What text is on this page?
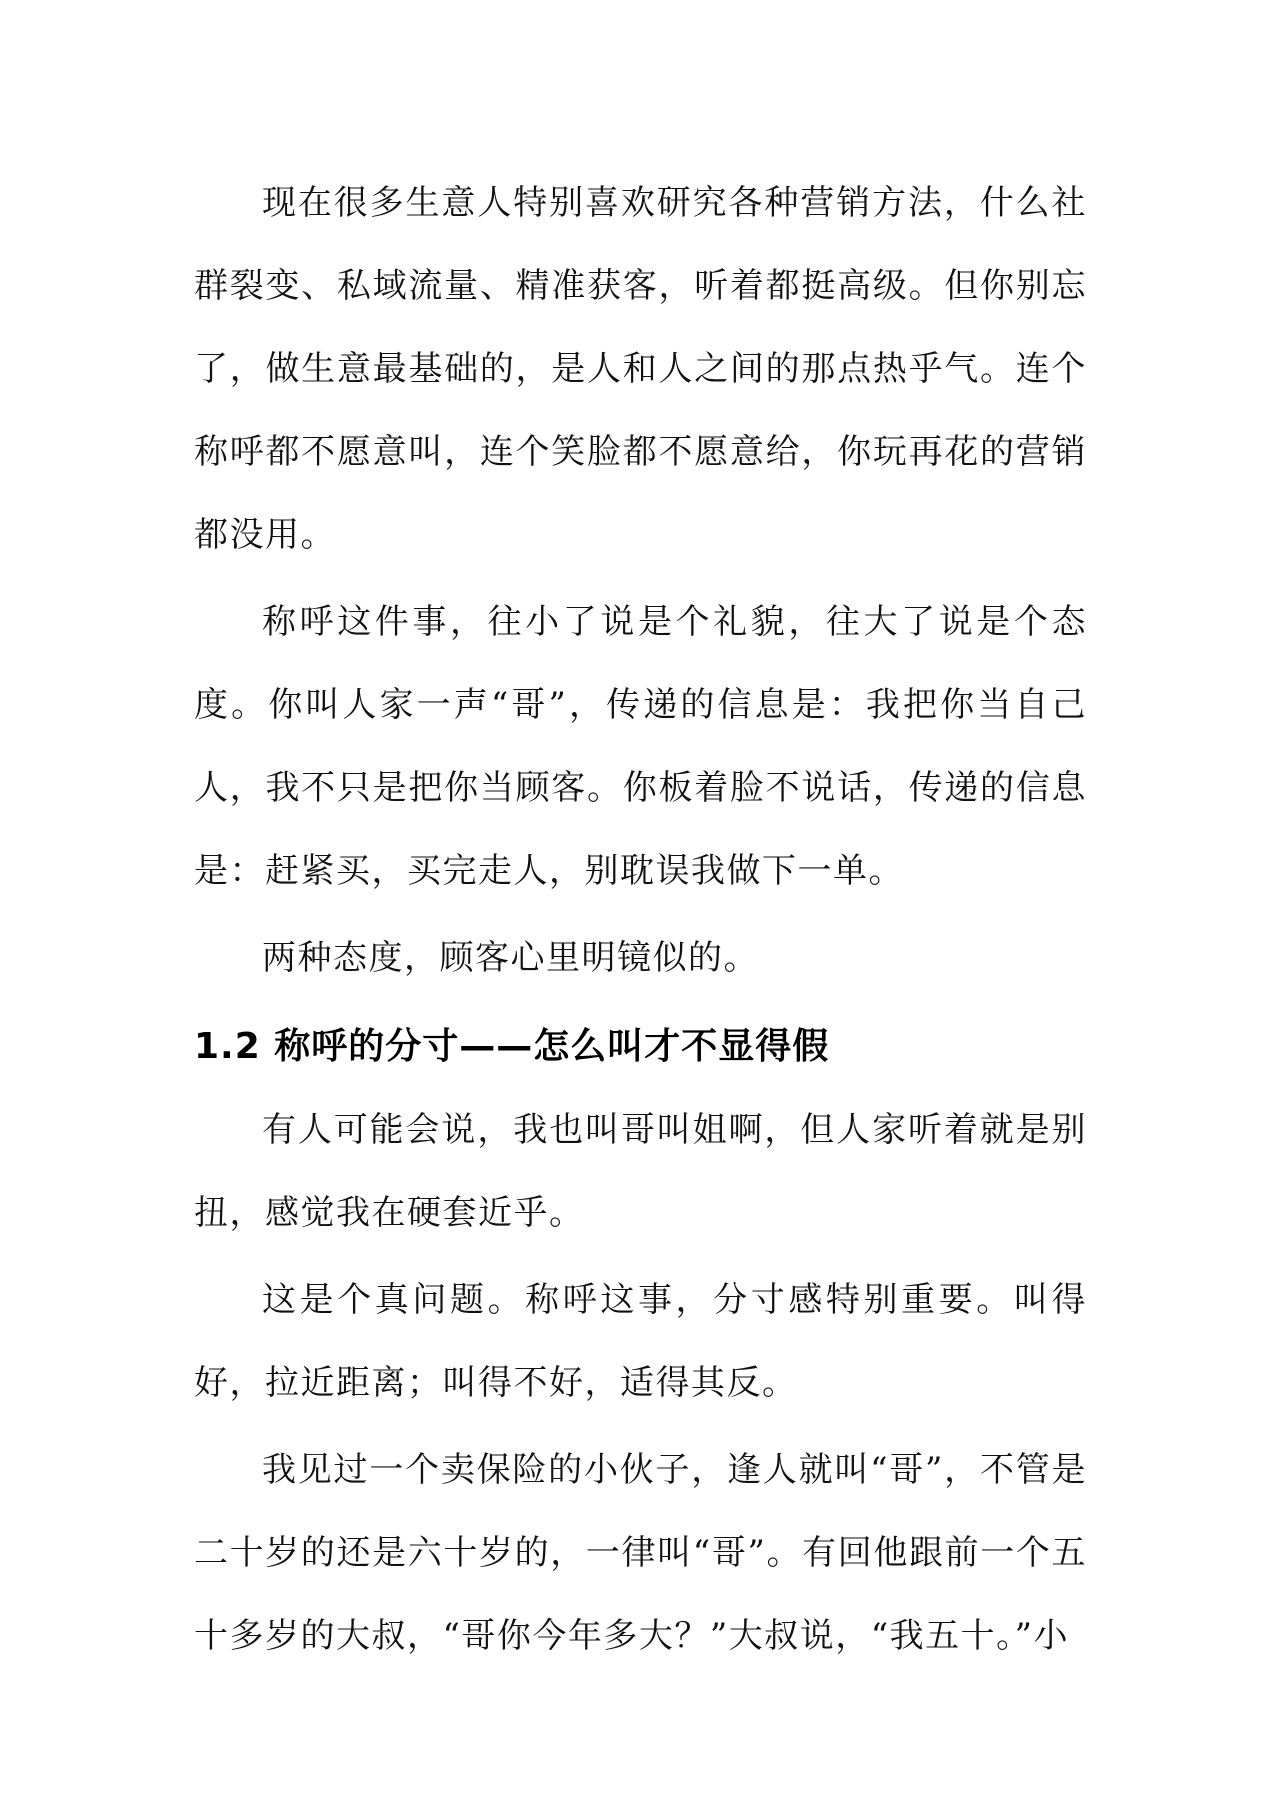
现在很多生意人特别喜欢研究各种营销方法，什么社群裂变、私域流量、精准获客，听着都挺高级。但你别忘了，做生意最基础的，是人和人之间的那点热乎气。连个称呼都不愿意叫，连个笑脸都不愿意给，你玩再花的营销都没用。

称呼这件事，往小了说是个礼貌，往大了说是个态度。你叫人家一声“哥”，传递的信息是：我把你当自己人，我不只是把你当顾客。你板着脸不说话，传递的信息是：赶紧买，买完走人，别耽误我做下一单。

两种态度，顾客心里明镜似的。

1.2 称呼的分寸——怎么叫才不显得假

有人可能会说，我也叫哥叫姐啊，但人家听着就是别扭，感觉我在硬套近乎。

这是个真问题。称呼这事，分寸感特别重要。叫得好，拉近距离；叫得不好，适得其反。

我见过一个卖保险的小伙子，逢人就叫“哥”，不管是二十岁的还是六十岁的，一律叫“哥”。有回他跟前一个五十多岁的大叔，“哥你今年多大？”大叔说，“我五十。”小
